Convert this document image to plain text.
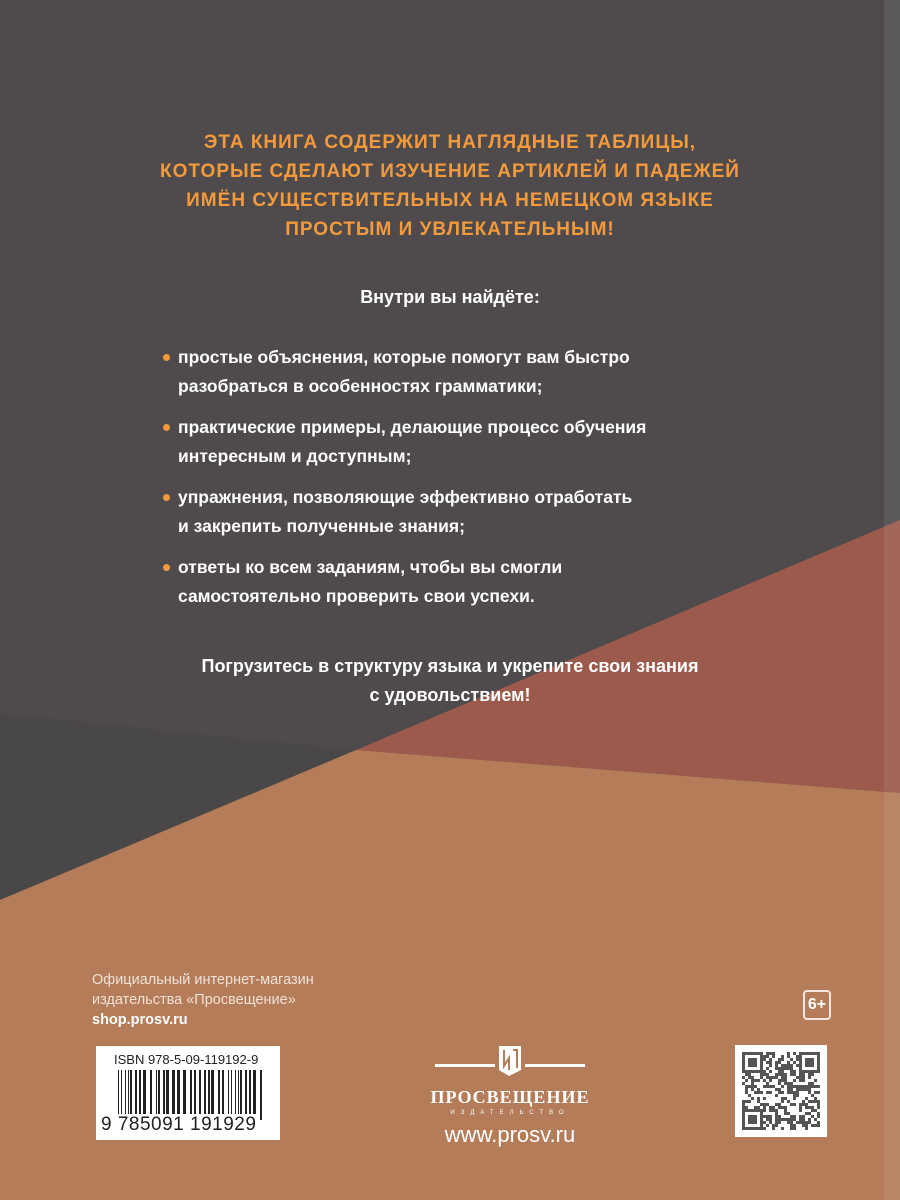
ЭТА КНИГА СОДЕРЖИТ НАГЛЯДНЫЕ ТАБЛИЦЫ,
КОТОРЫЕ СДЕЛАЮТ ИЗУЧЕНИЕ АРТИКЛЕЙ И ПАДЕЖЕЙ
ИМЁН СУЩЕСТВИТЕЛЬНЫХ НА НЕМЕЦКОМ ЯЗЫКЕ
ПРОСТЫМ И УВЛЕКАТЕЛЬНЫМ!
Внутри вы найдёте:
простые объяснения, которые помогут вам быстро
разобраться в особенностях грамматики;
практические примеры, делающие процесс обучения
интересным и доступным;
упражнения, позволяющие эффективно отработать
и закрепить полученные знания;
ответы ко всем заданиям, чтобы вы смогли
самостоятельно проверить свои успехи.
Погрузитесь в структуру языка и укрепите свои знания
с удовольствием!
Официальный интернет-магазин
издательства «Просвещение»
shop.prosv.ru
ISBN 978-5-09-119192-9
9 785091 191929
ПРОСВЕЩЕНИЕ
ИЗДАТЕЛЬСТВО
www.prosv.ru
6+
